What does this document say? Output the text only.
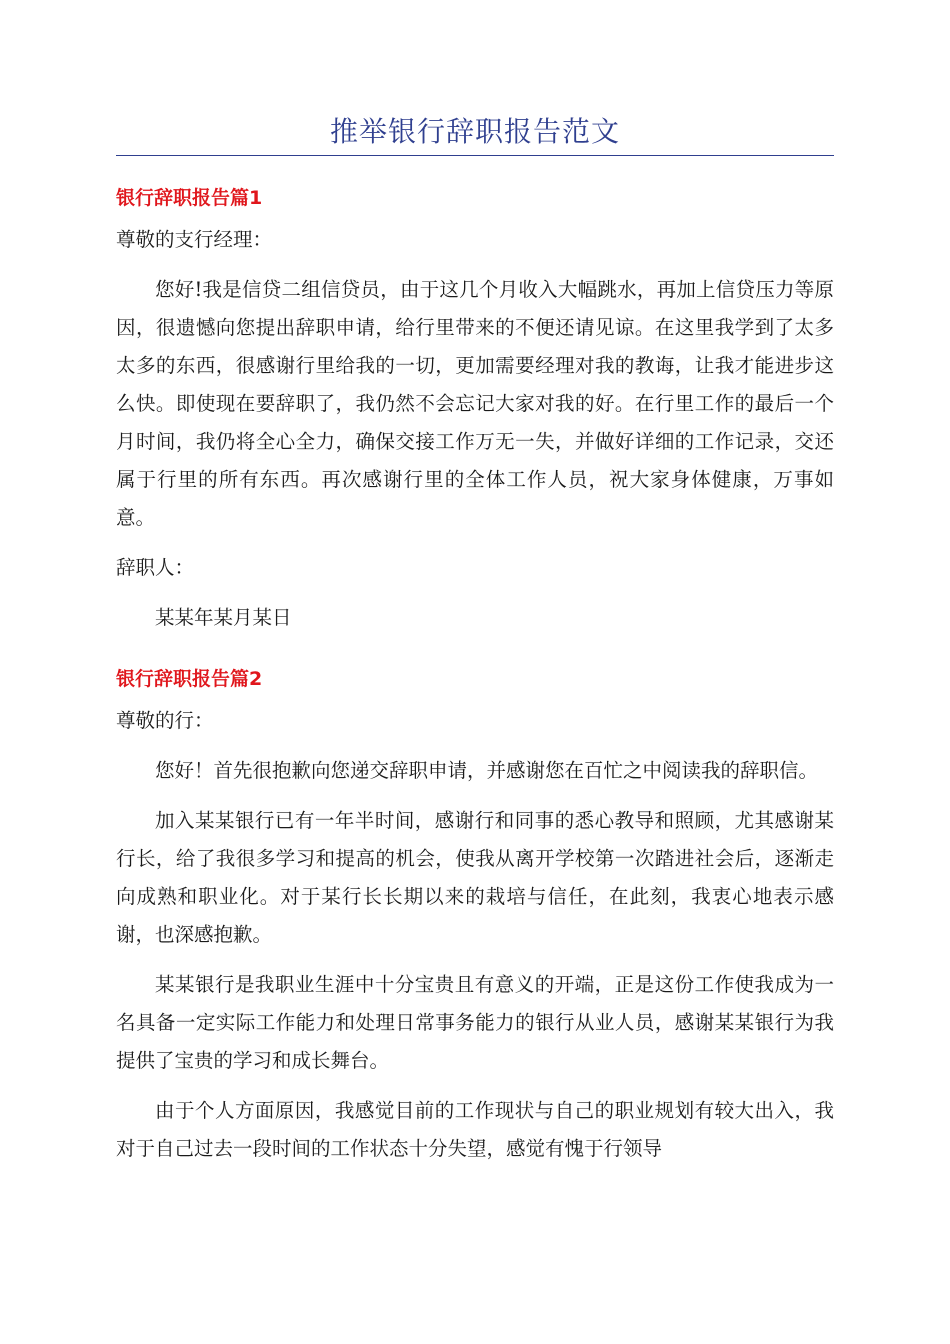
推举银行辞职报告范文
银行辞职报告篇1

尊敬的支行经理：

您好!我是信贷二组信贷员，由于这几个月收入大幅跳水，再加上信贷压力等原因，很遗憾向您提出辞职申请，给行里带来的不便还请见谅。在这里我学到了太多太多的东西，很感谢行里给我的一切，更加需要经理对我的教诲，让我才能进步这么快。即使现在要辞职了，我仍然不会忘记大家对我的好。在行里工作的最后一个月时间，我仍将全心全力，确保交接工作万无一失，并做好详细的工作记录，交还属于行里的所有东西。再次感谢行里的全体工作人员，祝大家身体健康，万事如意。

辞职人：

某某年某月某日

银行辞职报告篇2

尊敬的行：

您好！首先很抱歉向您递交辞职申请，并感谢您在百忙之中阅读我的辞职信。

加入某某银行已有一年半时间，感谢行和同事的悉心教导和照顾，尤其感谢某行长，给了我很多学习和提高的机会，使我从离开学校第一次踏进社会后，逐渐走向成熟和职业化。对于某行长长期以来的栽培与信任，在此刻，我衷心地表示感谢，也深感抱歉。

某某银行是我职业生涯中十分宝贵且有意义的开端，正是这份工作使我成为一名具备一定实际工作能力和处理日常事务能力的银行从业人员，感谢某某银行为我提供了宝贵的学习和成长舞台。

由于个人方面原因，我感觉目前的工作现状与自己的职业规划有较大出入，我对于自己过去一段时间的工作状态十分失望，感觉有愧于行领导
